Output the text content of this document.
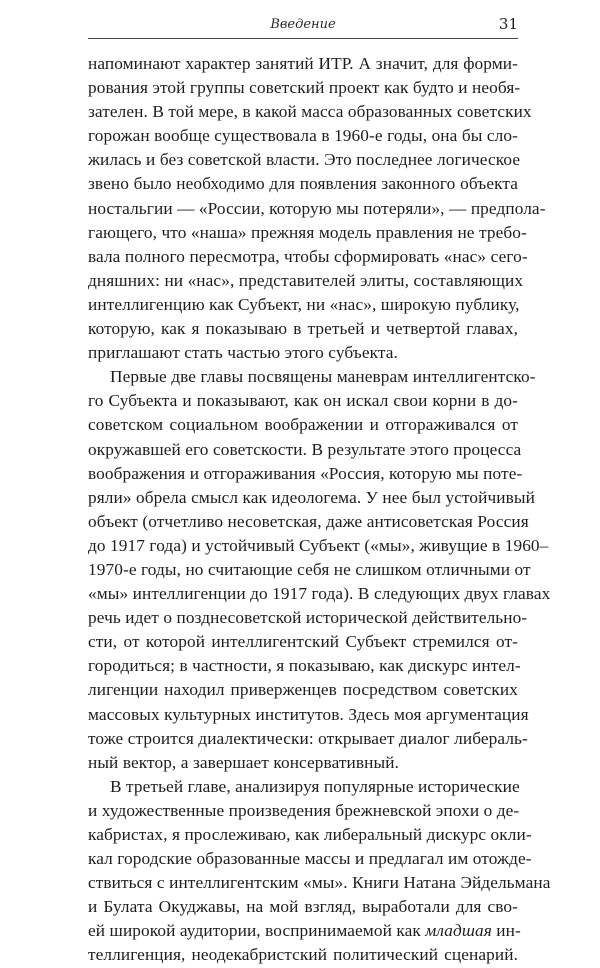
Введение	31
напоминают характер занятий ИТР. А значит, для форми-
рования этой группы советский проект как будто и необя-
зателен. В той мере, в какой масса образованных советских
горожан вообще существовала в 1960-е годы, она бы сло-
жилась и без советской власти. Это последнее логическое
звено было необходимо для появления законного объекта
ностальгии — «России, которую мы потеряли», — предпола-
гающего, что «наша» прежняя модель правления не требо-
вала полного пересмотра, чтобы сформировать «нас» сего-
дняшних: ни «нас», представителей элиты, составляющих
интеллигенцию как Субъект, ни «нас», широкую публику,
которую, как я показываю в третьей и четвертой главах,
приглашают стать частью этого субъекта.
Первые две главы посвящены маневрам интеллигентско-
го Субъекта и показывают, как он искал свои корни в до-
советском социальном воображении и отгораживался от
окружавшей его советскости. В результате этого процесса
воображения и отгораживания «Россия, которую мы поте-
ряли» обрела смысл как идеологема. У нее был устойчивый
объект (отчетливо несоветская, даже антисоветская Россия
до 1917 года) и устойчивый Субъект («мы», живущие в 1960–
1970-е годы, но считающие себя не слишком отличными от
«мы» интеллигенции до 1917 года). В следующих двух главах
речь идет о позднесоветской исторической действительно-
сти, от которой интеллигентский Субъект стремился от-
городиться; в частности, я показываю, как дискурс интел-
лигенции находил приверженцев посредством советских
массовых культурных институтов. Здесь моя аргументация
тоже строится диалектически: открывает диалог либераль-
ный вектор, а завершает консервативный.
В третьей главе, анализируя популярные исторические
и художественные произведения брежневской эпохи о де-
кабристах, я прослеживаю, как либеральный дискурс окли-
кал городские образованные массы и предлагал им отожде-
ствиться с интеллигентским «мы». Книги Натана Эйдельмана
и Булата Окуджавы, на мой взгляд, выработали для сво-
ей широкой аудитории, воспринимаемой как младшая ин-
теллигенция, неодекабристский политический сценарий.
